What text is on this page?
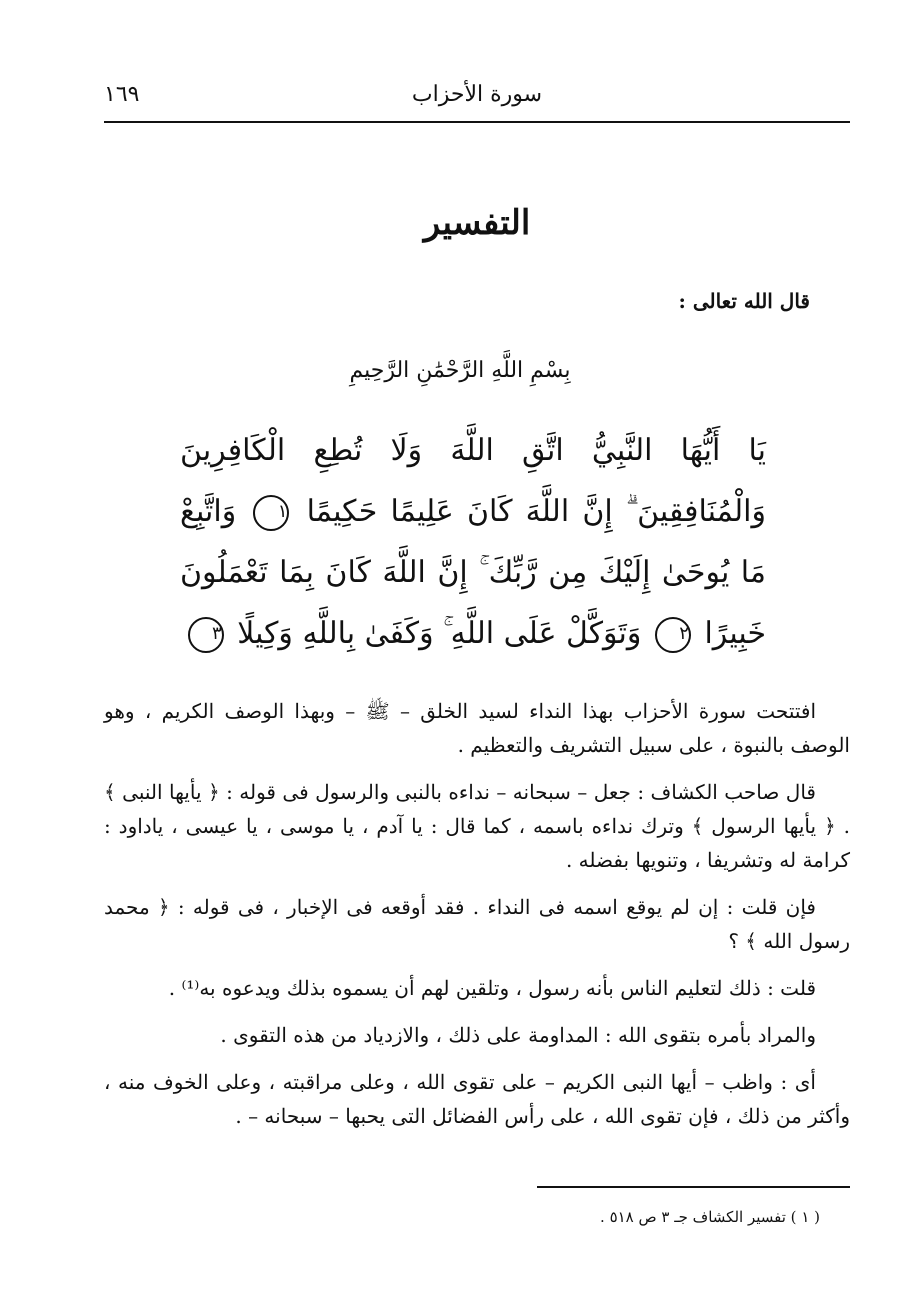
سورة الأحزاب
١٦٩
التفسير
قال الله تعالى :
بِسْمِ اللَّهِ الرَّحْمَٰنِ الرَّحِيمِ
يَا أَيُّهَا النَّبِيُّ اتَّقِ اللَّهَ وَلَا تُطِعِ الْكَافِرِينَ وَالْمُنَافِقِينَ ۗ إِنَّ اللَّهَ كَانَ عَلِيمًا حَكِيمًا ١ وَاتَّبِعْ مَا يُوحَىٰ إِلَيْكَ مِن رَّبِّكَ ۚ إِنَّ اللَّهَ كَانَ بِمَا تَعْمَلُونَ خَبِيرًا ٢ وَتَوَكَّلْ عَلَى اللَّهِ ۚ وَكَفَىٰ بِاللَّهِ وَكِيلًا ٣

افتتحت سورة الأحزاب بهذا النداء لسيد الخلق – ﷺ – وبهذا الوصف الكريم ، وهو الوصف بالنبوة ، على سبيل التشريف والتعظيم .

قال صاحب الكشاف : جعل – سبحانه – نداءه بالنبى والرسول فى قوله : ﴿ يأيها النبى ﴾ . ﴿ يأيها الرسول ﴾ وترك نداءه باسمه ، كما قال : يا آدم ، يا موسى ، يا عيسى ، ياداود : كرامة له وتشريفا ، وتنويها بفضله .

فإن قلت : إن لم يوقع اسمه فى النداء . فقد أوقعه فى الإخبار ، فى قوله : ﴿ محمد رسول الله ﴾ ؟

قلت : ذلك لتعليم الناس بأنه رسول ، وتلقين لهم أن يسموه بذلك ويدعوه به⁽¹⁾ .

والمراد بأمره بتقوى الله : المداومة على ذلك ، والازدياد من هذه التقوى .

أى : واظب – أيها النبى الكريم – على تقوى الله ، وعلى مراقبته ، وعلى الخوف منه ، وأكثر من ذلك ، فإن تقوى الله ، على رأس الفضائل التى يحبها – سبحانه – .

( ١ ) تفسير الكشاف جـ ٣ ص ٥١٨ .
